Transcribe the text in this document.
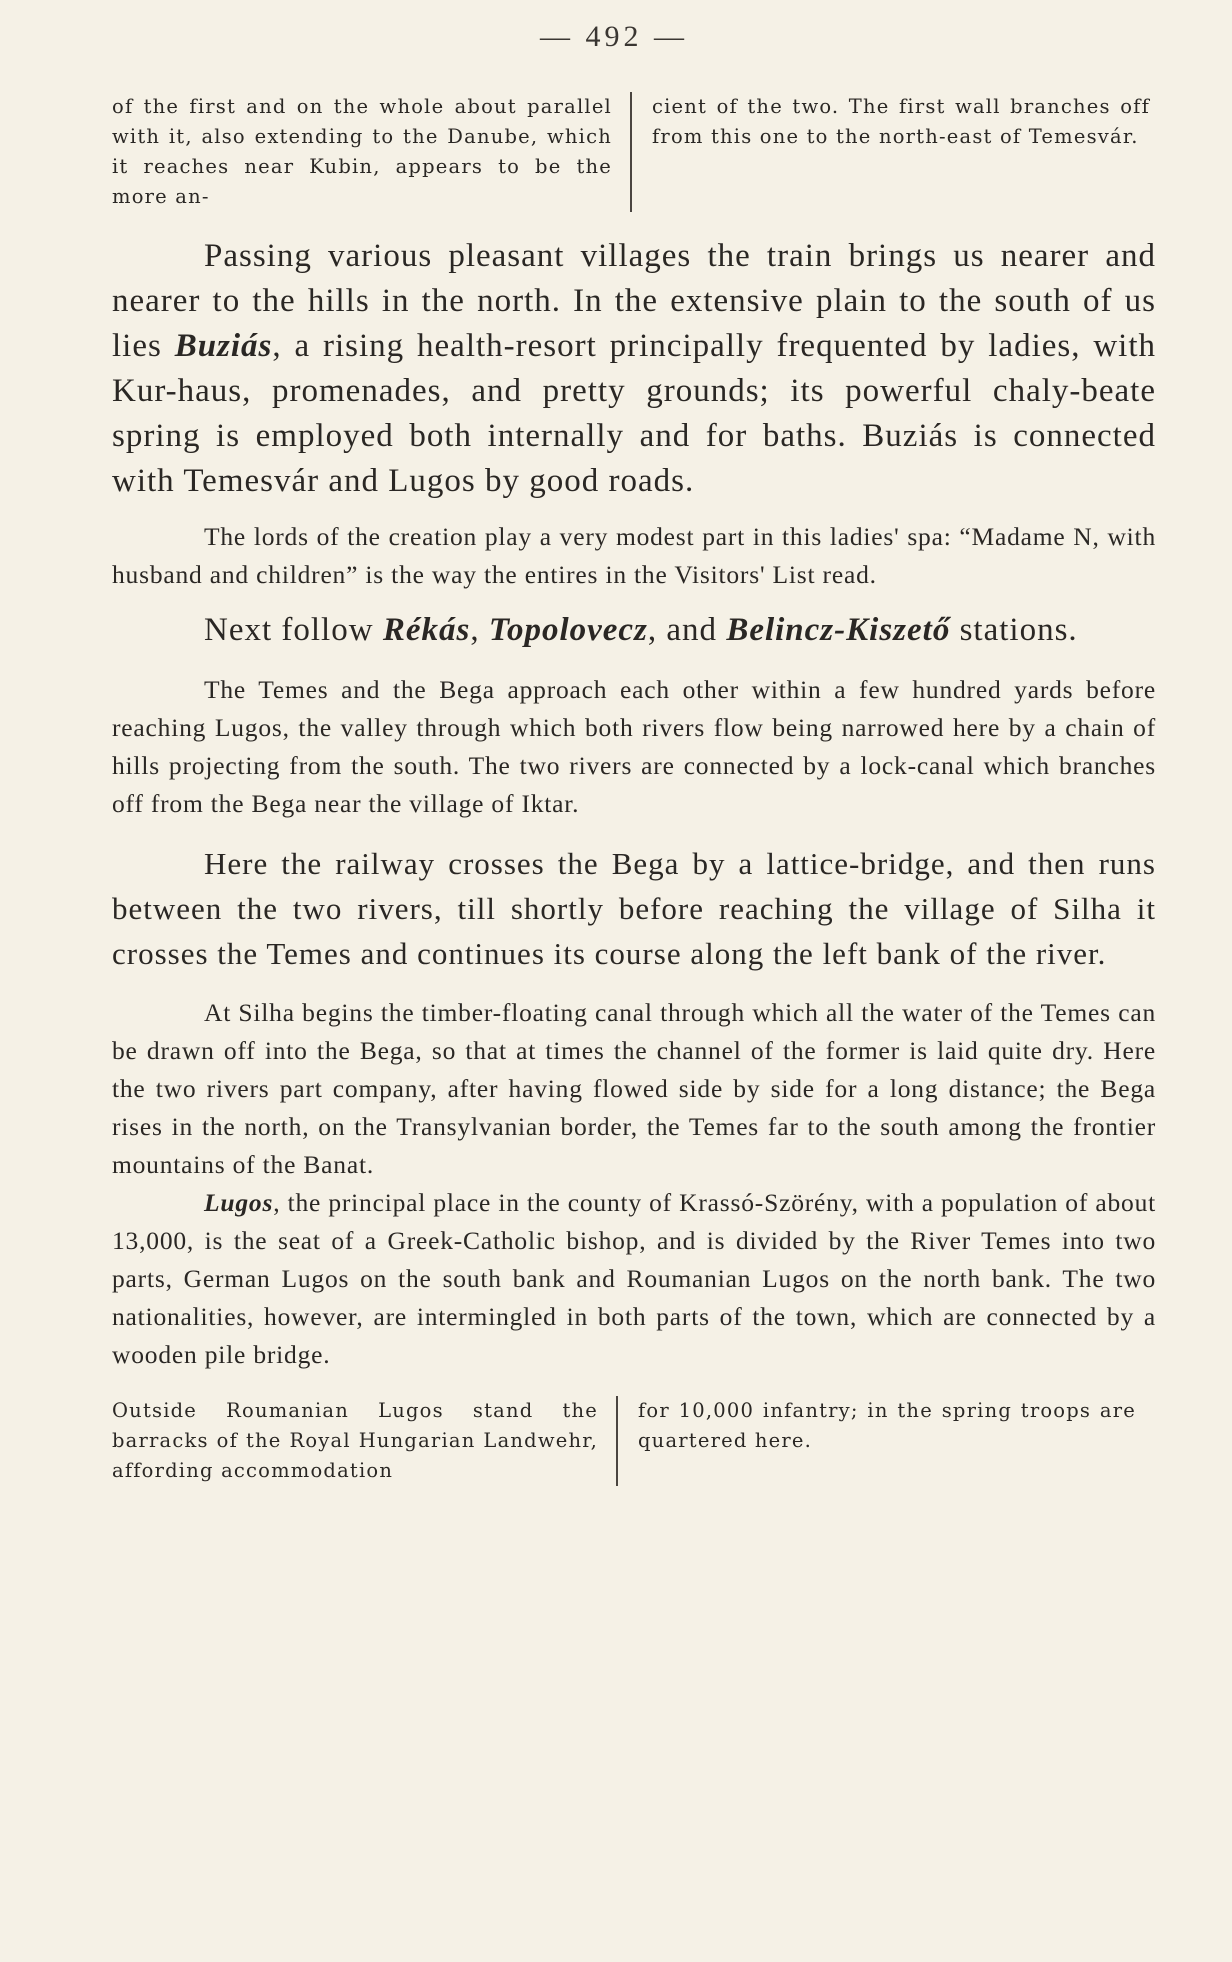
— 492 —
of the first and on the whole about parallel with it, also extending to the Danube, which it reaches near Kubin, appears to be the more an-
cient of the two. The first wall branches off from this one to the north-east of Temesvár.

Passing various pleasant villages the train brings us nearer and nearer to the hills in the north. In the extensive plain to the south of us lies Buziás, a rising health-resort principally frequented by ladies, with Kur-haus, promenades, and pretty grounds; its powerful chaly-beate spring is employed both internally and for baths. Buziás is connected with Temesvár and Lugos by good roads.

The lords of the creation play a very modest part in this ladies' spa: “Madame N, with husband and children” is the way the entires in the Visitors' List read.

Next follow Rékás, Topolovecz, and Belincz-Kiszető stations.

The Temes and the Bega approach each other within a few hundred yards before reaching Lugos, the valley through which both rivers flow being narrowed here by a chain of hills projecting from the south. The two rivers are connected by a lock-canal which branches off from the Bega near the village of Iktar.

Here the railway crosses the Bega by a lattice-bridge, and then runs between the two rivers, till shortly before reaching the village of Silha it crosses the Temes and continues its course along the left bank of the river.

At Silha begins the timber-floating canal through which all the water of the Temes can be drawn off into the Bega, so that at times the channel of the former is laid quite dry. Here the two rivers part company, after having flowed side by side for a long distance; the Bega rises in the north, on the Transylvanian border, the Temes far to the south among the frontier mountains of the Banat.

Lugos, the principal place in the county of Krassó-Szörény, with a population of about 13,000, is the seat of a Greek-Catholic bishop, and is divided by the River Temes into two parts, German Lugos on the south bank and Roumanian Lugos on the north bank. The two nationalities, however, are intermingled in both parts of the town, which are connected by a wooden pile bridge.

Outside Roumanian Lugos stand the barracks of the Royal Hungarian Landwehr, affording accommodation
for 10,000 infantry; in the spring troops are quartered here.
